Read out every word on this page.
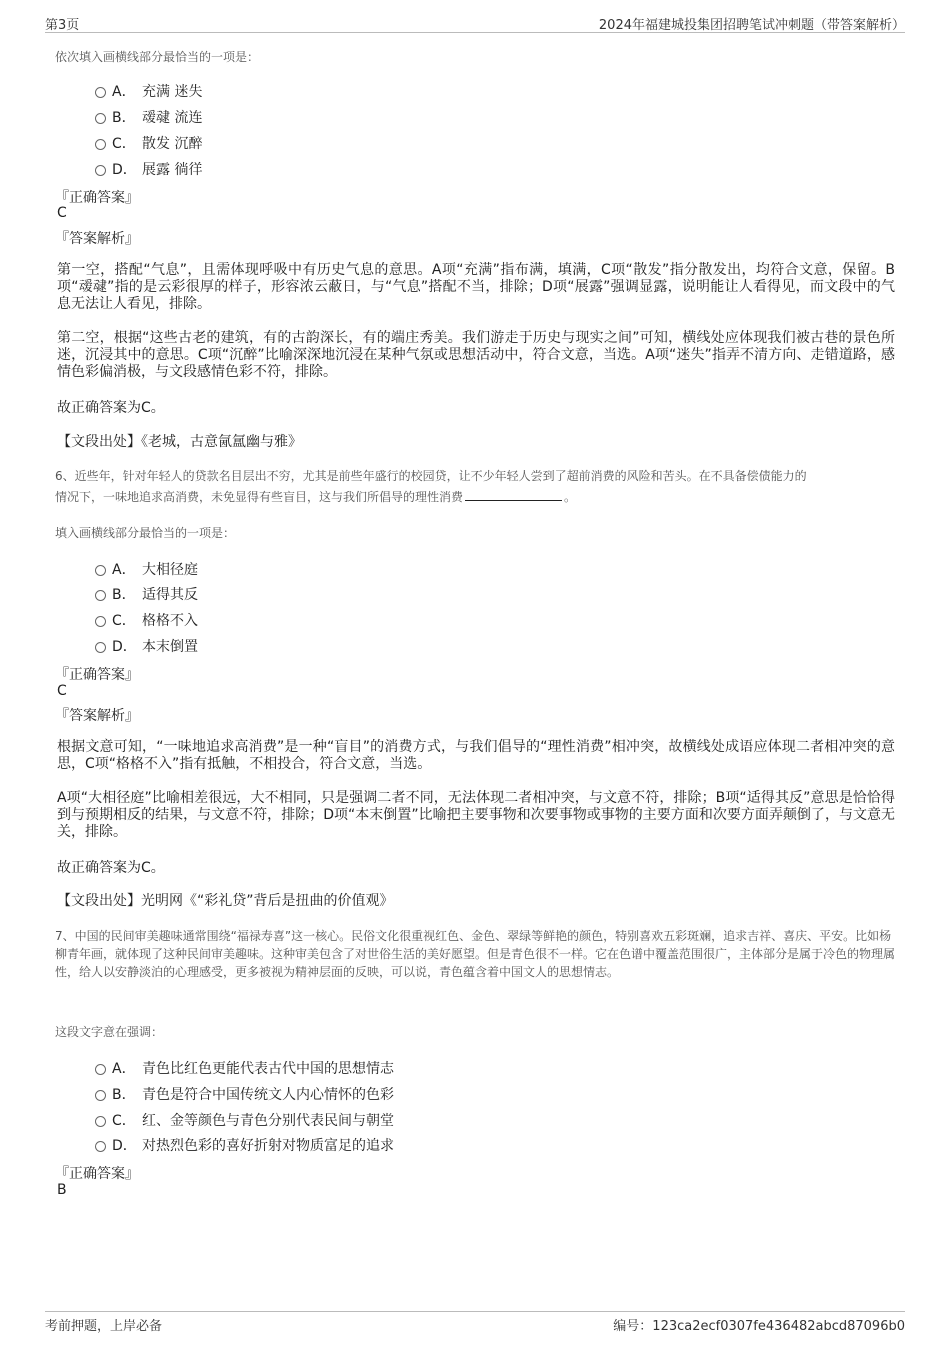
第3页	2024年福建城投集团招聘笔试冲刺题（带答案解析）
依次填入画横线部分最恰当的一项是：
A． 充满 迷失
B． 叆叇 流连
C． 散发 沉醉
D． 展露 徜徉
『正确答案』
C
『答案解析』
第一空，搭配“气息”，且需体现呼吸中有历史气息的意思。A项“充满”指布满，填满，C项“散发”指分散发出，均符合文意，保留。B项“叆叇”指的是云彩很厚的样子，形容浓云蔽日，与“气息”搭配不当，排除；D项“展露”强调显露，说明能让人看得见，而文段中的气息无法让人看见，排除。
第二空，根据“这些古老的建筑，有的古韵深长，有的端庄秀美。我们游走于历史与现实之间”可知，横线处应体现我们被古巷的景色所迷，沉浸其中的意思。C项“沉醉”比喻深深地沉浸在某种气氛或思想活动中，符合文意，当选。A项“迷失”指弄不清方向、走错道路，感情色彩偏消极，与文段感情色彩不符，排除。
故正确答案为C。
【文段出处】《老城，古意氤氲幽与雅》
6、近些年，针对年轻人的贷款名目层出不穷，尤其是前些年盛行的校园贷，让不少年轻人尝到了超前消费的风险和苦头。在不具备偿债能力的
情况下，一味地追求高消费，未免显得有些盲目，这与我们所倡导的理性消费	。
填入画横线部分最恰当的一项是：
A． 大相径庭
B． 适得其反
C． 格格不入
D． 本末倒置
『正确答案』
C
『答案解析』
根据文意可知，“一味地追求高消费”是一种“盲目”的消费方式，与我们倡导的“理性消费”相冲突，故横线处成语应体现二者相冲突的意思，C项“格格不入”指有抵触，不相投合，符合文意，当选。
A项“大相径庭”比喻相差很远，大不相同，只是强调二者不同，无法体现二者相冲突，与文意不符，排除；B项“适得其反”意思是恰恰得到与预期相反的结果，与文意不符，排除；D项“本末倒置”比喻把主要事物和次要事物或事物的主要方面和次要方面弄颠倒了，与文意无关，排除。
故正确答案为C。
【文段出处】光明网《“彩礼贷”背后是扭曲的价值观》
7、中国的民间审美趣味通常围绕“福禄寿喜”这一核心。民俗文化很重视红色、金色、翠绿等鲜艳的颜色，特别喜欢五彩斑斓，追求吉祥、喜庆、平安。比如杨柳青年画，就体现了这种民间审美趣味。这种审美包含了对世俗生活的美好愿望。但是青色很不一样。它在色谱中覆盖范围很广，主体部分是属于冷色的物理属性，给人以安静淡泊的心理感受，更多被视为精神层面的反映，可以说，青色蕴含着中国文人的思想情志。
这段文字意在强调：
A． 青色比红色更能代表古代中国的思想情志
B． 青色是符合中国传统文人内心情怀的色彩
C． 红、金等颜色与青色分别代表民间与朝堂
D． 对热烈色彩的喜好折射对物质富足的追求
『正确答案』
B
考前押题，上岸必备	编号：123ca2ecf0307fe436482abcd87096b0
